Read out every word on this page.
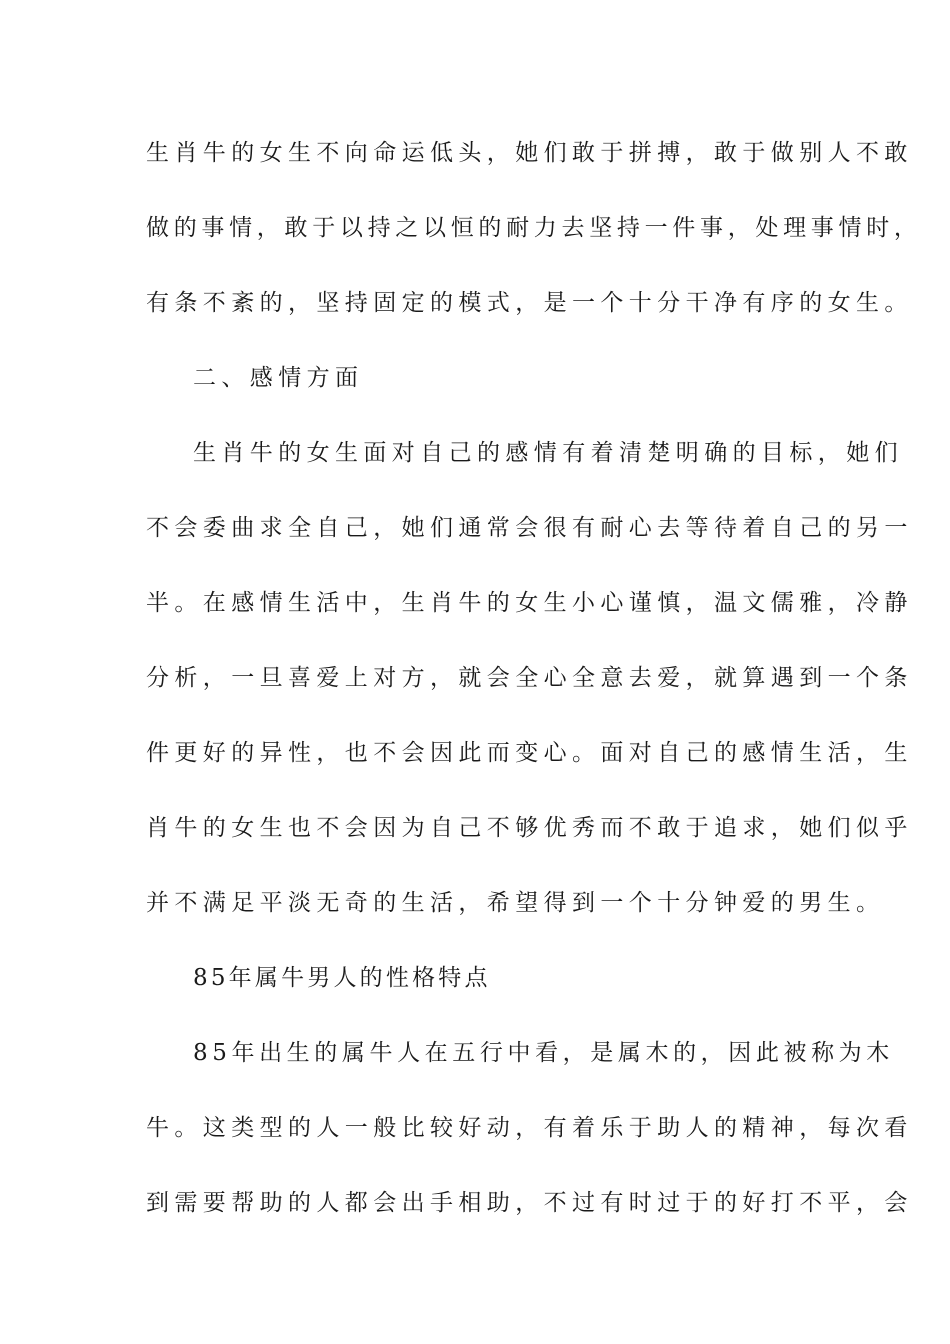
生肖牛的女生不向命运低头，她们敢于拼搏，敢于做别人不敢

做的事情，敢于以持之以恒的耐力去坚持一件事，处理事情时，

有条不紊的，坚持固定的模式，是一个十分干净有序的女生。

二、感情方面

生肖牛的女生面对自己的感情有着清楚明确的目标，她们

不会委曲求全自己，她们通常会很有耐心去等待着自己的另一

半。在感情生活中，生肖牛的女生小心谨慎，温文儒雅，冷静

分析，一旦喜爱上对方，就会全心全意去爱，就算遇到一个条

件更好的异性，也不会因此而变心。面对自己的感情生活，生

肖牛的女生也不会因为自己不够优秀而不敢于追求，她们似乎

并不满足平淡无奇的生活，希望得到一个十分钟爱的男生。

85年属牛男人的性格特点

85年出生的属牛人在五行中看，是属木的，因此被称为木

牛。这类型的人一般比较好动，有着乐于助人的精神，每次看

到需要帮助的人都会出手相助，不过有时过于的好打不平，会
